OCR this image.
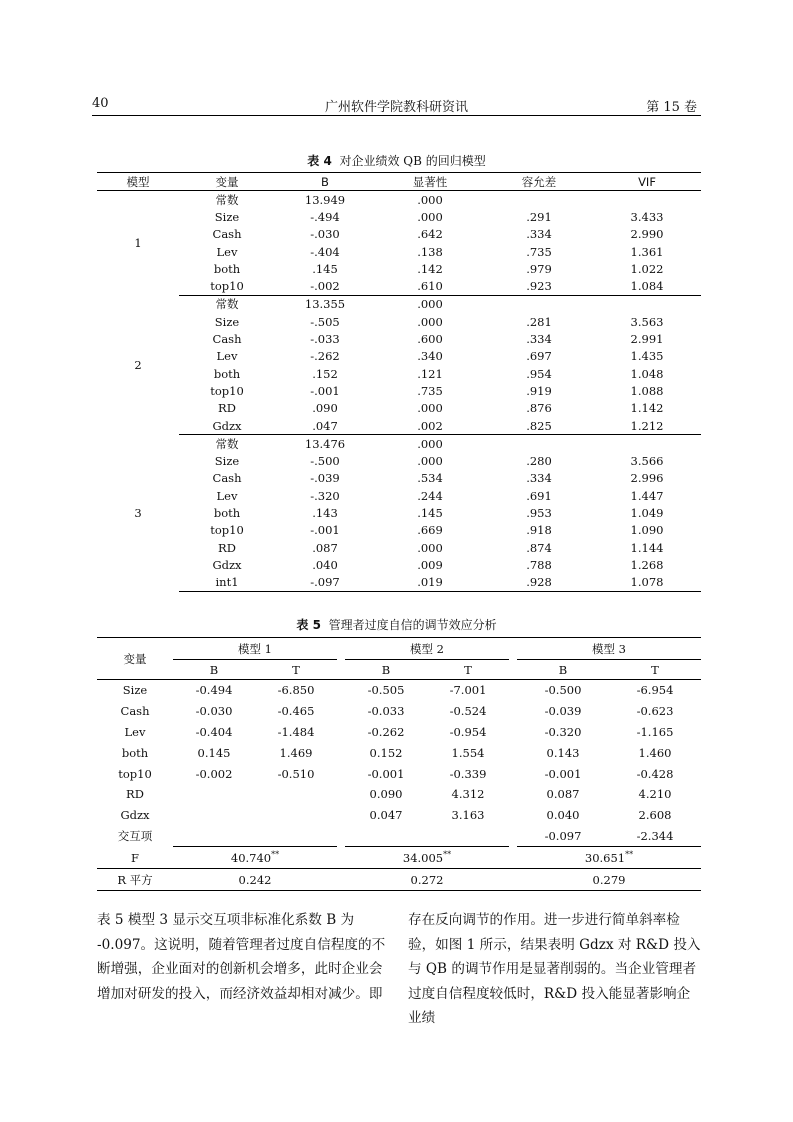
40	广州软件学院教科研资讯	第 15 卷
表 4 对企业绩效 QB 的回归模型
模型	变量	B	显著性	容允差	VIF
1	常数	13.949	.000		
	Size	-.494	.000	.291	3.433
	Cash	-.030	.642	.334	2.990
	Lev	-.404	.138	.735	1.361
	both	.145	.142	.979	1.022
	top10	-.002	.610	.923	1.084
2	常数	13.355	.000		
	Size	-.505	.000	.281	3.563
	Cash	-.033	.600	.334	2.991
	Lev	-.262	.340	.697	1.435
	both	.152	.121	.954	1.048
	top10	-.001	.735	.919	1.088
	RD	.090	.000	.876	1.142
	Gdzx	.047	.002	.825	1.212
3	常数	13.476	.000		
	Size	-.500	.000	.280	3.566
	Cash	-.039	.534	.334	2.996
	Lev	-.320	.244	.691	1.447
	both	.143	.145	.953	1.049
	top10	-.001	.669	.918	1.090
	RD	.087	.000	.874	1.144
	Gdzx	.040	.009	.788	1.268
	int1	-.097	.019	.928	1.078
表 5 管理者过度自信的调节效应分析
变量	模型 1			模型 2			模型 3	
	B	T		B	T		B	T
Size	-0.494	-6.850		-0.505	-7.001		-0.500	-6.954
Cash	-0.030	-0.465		-0.033	-0.524		-0.039	-0.623
Lev	-0.404	-1.484		-0.262	-0.954		-0.320	-1.165
both	0.145	1.469		0.152	1.554		0.143	1.460
top10	-0.002	-0.510		-0.001	-0.339		-0.001	-0.428
RD				0.090	4.312		0.087	4.210
Gdzx				0.047	3.163		0.040	2.608
交互项							-0.097	-2.344
F	40.740**			34.005**			30.651**
R 平方	0.242			0.272			0.279	
表 5 模型 3 显示交互项非标准化系数 B 为 -0.097。这说明，随着管理者过度自信程度的不断增强，企业面对的创新机会增多，此时企业会增加对研发的投入，而经济效益却相对减少。即
存在反向调节的作用。进一步进行简单斜率检验，如图 1 所示，结果表明 Gdzx 对 R&D 投入与 QB 的调节作用是显著削弱的。当企业管理者过度自信程度较低时，R&D 投入能显著影响企业绩
